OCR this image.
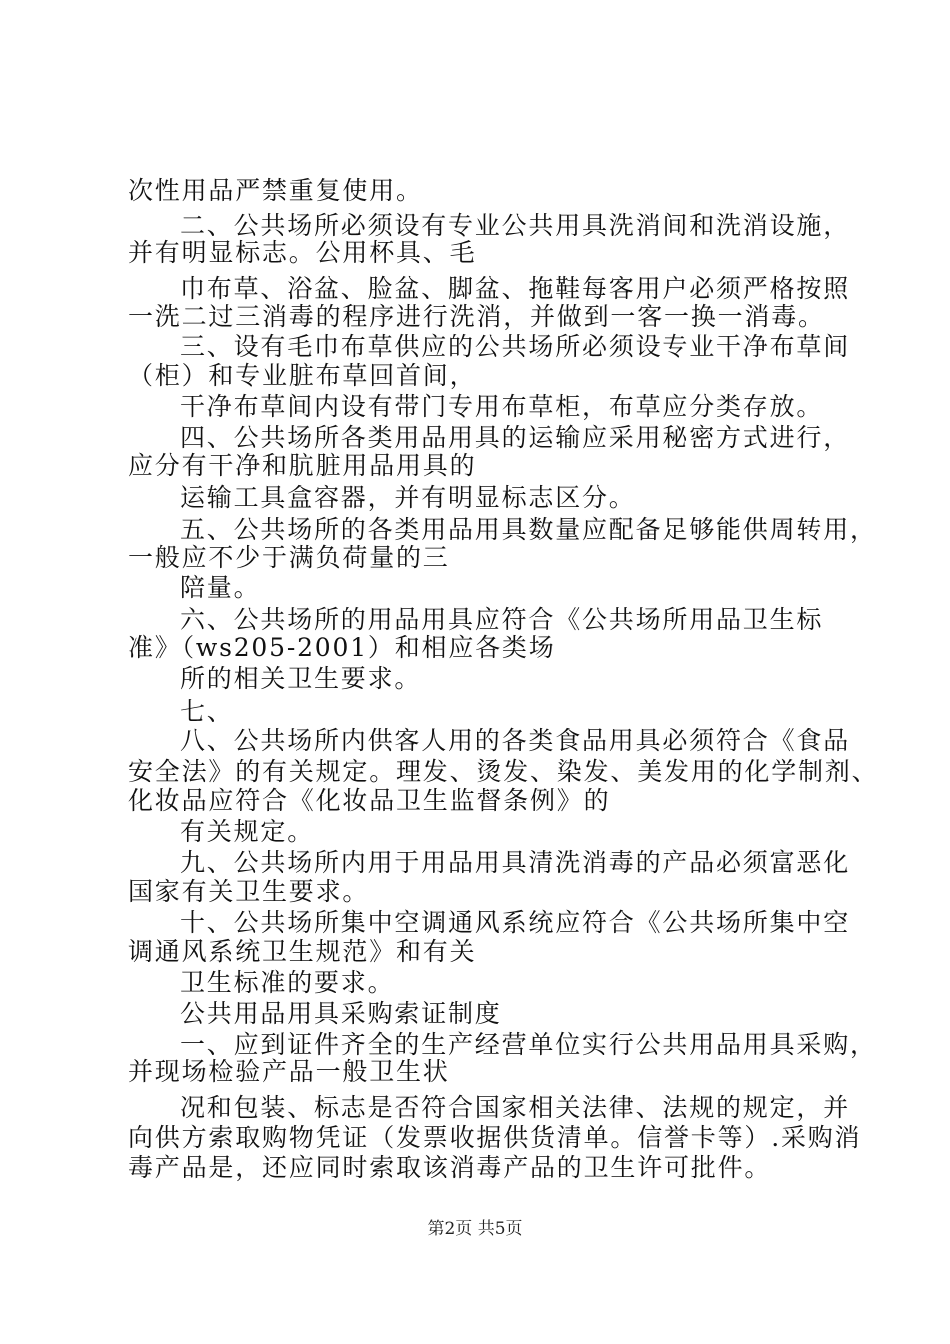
次性用品严禁重复使用。
二、公共场所必须设有专业公共用具洗消间和洗消设施，
并有明显标志。公用杯具、毛
巾布草、浴盆、脸盆、脚盆、拖鞋每客用户必须严格按照
一洗二过三消毒的程序进行洗消，并做到一客一换一消毒。
三、设有毛巾布草供应的公共场所必须设专业干净布草间
（柜）和专业脏布草回首间，
干净布草间内设有带门专用布草柜，布草应分类存放。
四、公共场所各类用品用具的运输应采用秘密方式进行，
应分有干净和肮脏用品用具的
运输工具盒容器，并有明显标志区分。
五、公共场所的各类用品用具数量应配备足够能供周转用，
一般应不少于满负荷量的三
陪量。
六、公共场所的用品用具应符合《公共场所用品卫生标
准》（ws205-2001）和相应各类场
所的相关卫生要求。
七、
八、公共场所内供客人用的各类食品用具必须符合《食品
安全法》的有关规定。理发、烫发、染发、美发用的化学制剂、
化妆品应符合《化妆品卫生监督条例》的
有关规定。
九、公共场所内用于用品用具清洗消毒的产品必须富恶化
国家有关卫生要求。
十、公共场所集中空调通风系统应符合《公共场所集中空
调通风系统卫生规范》和有关
卫生标准的要求。
公共用品用具采购索证制度
一、应到证件齐全的生产经营单位实行公共用品用具采购，
并现场检验产品一般卫生状
况和包装、标志是否符合国家相关法律、法规的规定，并
向供方索取购物凭证（发票收据供货清单。信誉卡等）.采购消
毒产品是，还应同时索取该消毒产品的卫生许可批件。
第2页 共5页
